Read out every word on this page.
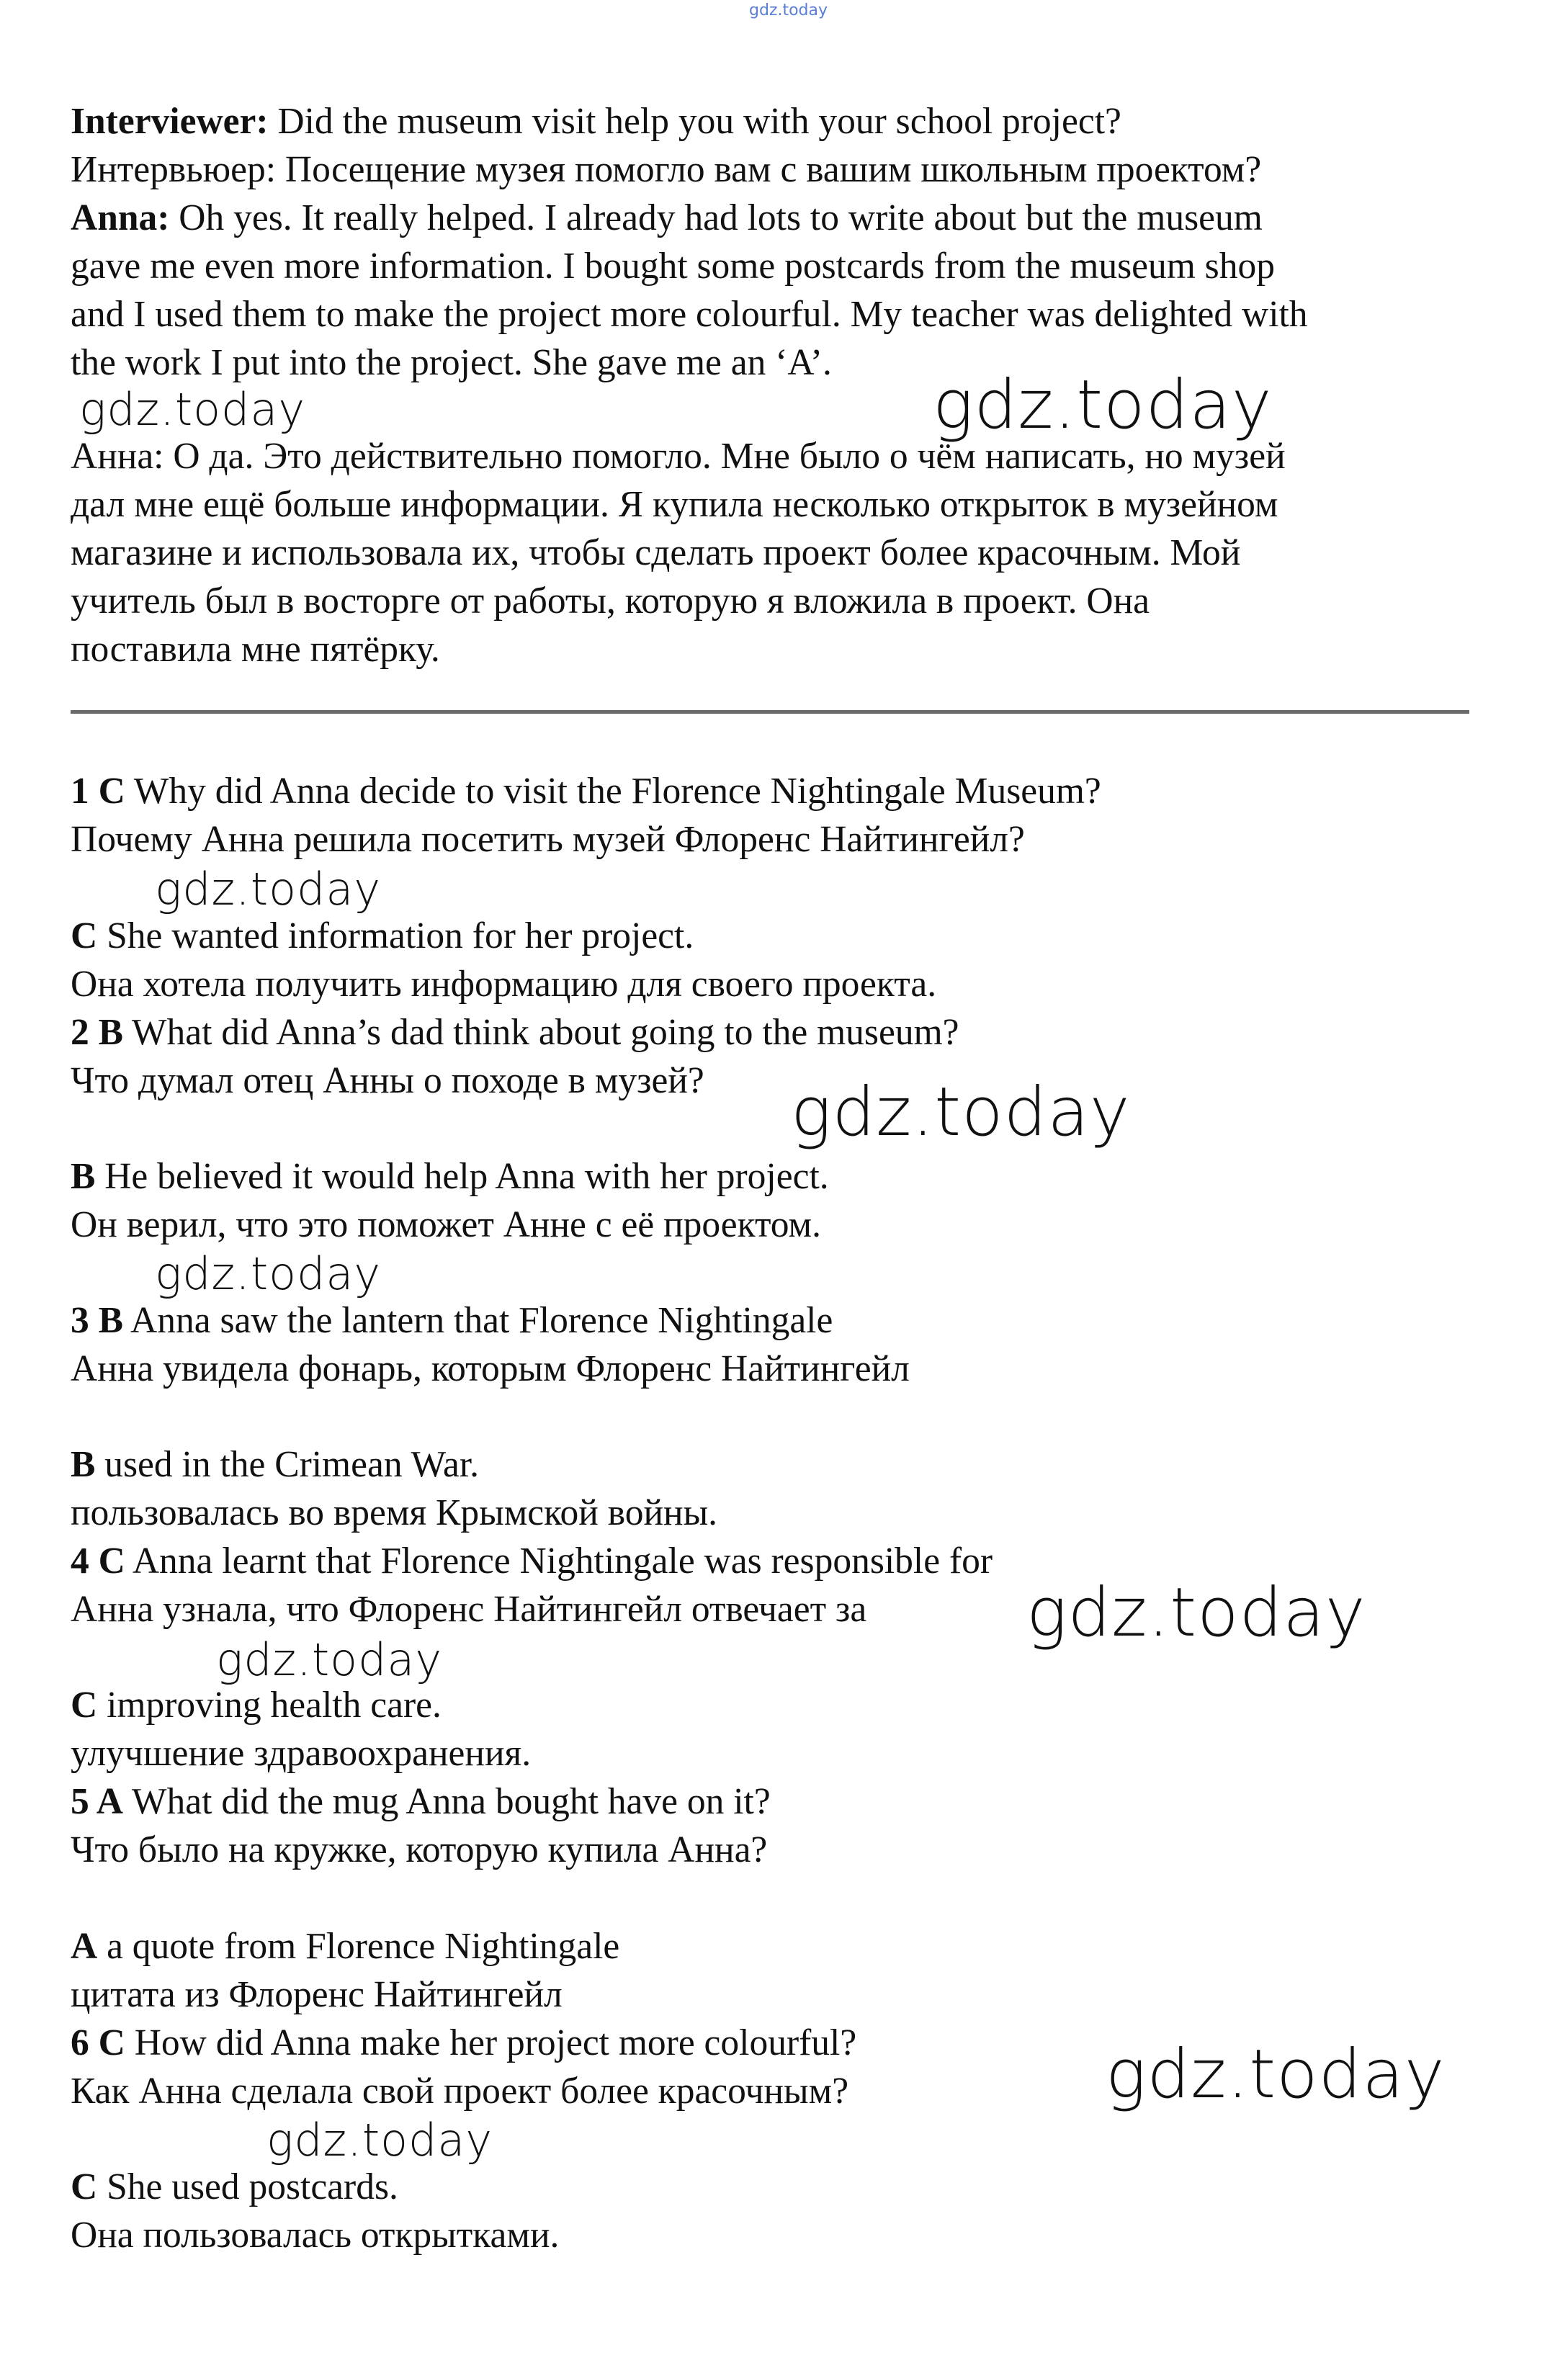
gdz.today
Interviewer: Did the museum visit help you with your school project?
Интервьюер: Посещение музея помогло вам с вашим школьным проектом?
Anna: Oh yes. It really helped. I already had lots to write about but the museum
gave me even more information. I bought some postcards from the museum shop
and I used them to make the project more colourful. My teacher was delighted with
the work I put into the project. She gave me an ‘A’.
Анна: О да. Это действительно помогло. Мне было о чём написать, но музей
дал мне ещё больше информации. Я купила несколько открыток в музейном
магазине и использовала их, чтобы сделать проект более красочным. Мой
учитель был в восторге от работы, которую я вложила в проект. Она
поставила мне пятёрку.
1 C Why did Anna decide to visit the Florence Nightingale Museum?
Почему Анна решила посетить музей Флоренс Найтингейл?
C She wanted information for her project.
Она хотела получить информацию для своего проекта.
2 B What did Anna’s dad think about going to the museum?
Что думал отец Анны о походе в музей?
B He believed it would help Anna with her project.
Он верил, что это поможет Анне с её проектом.
3 B Anna saw the lantern that Florence Nightingale
Анна увидела фонарь, которым Флоренс Найтингейл
B used in the Crimean War.
пользовалась во время Крымской войны.
4 C Anna learnt that Florence Nightingale was responsible for
Анна узнала, что Флоренс Найтингейл отвечает за
C improving health care.
улучшение здравоохранения.
5 A What did the mug Anna bought have on it?
Что было на кружке, которую купила Анна?
A a quote from Florence Nightingale
цитата из Флоренс Найтингейл
6 C How did Anna make her project more colourful?
Как Анна сделала свой проект более красочным?
C She used postcards.
Она пользовалась открытками.
gdz.today	gdz.today
gdz.today
gdz.today
gdz.today
gdz.today
gdz.today
gdz.today
gdz.today
